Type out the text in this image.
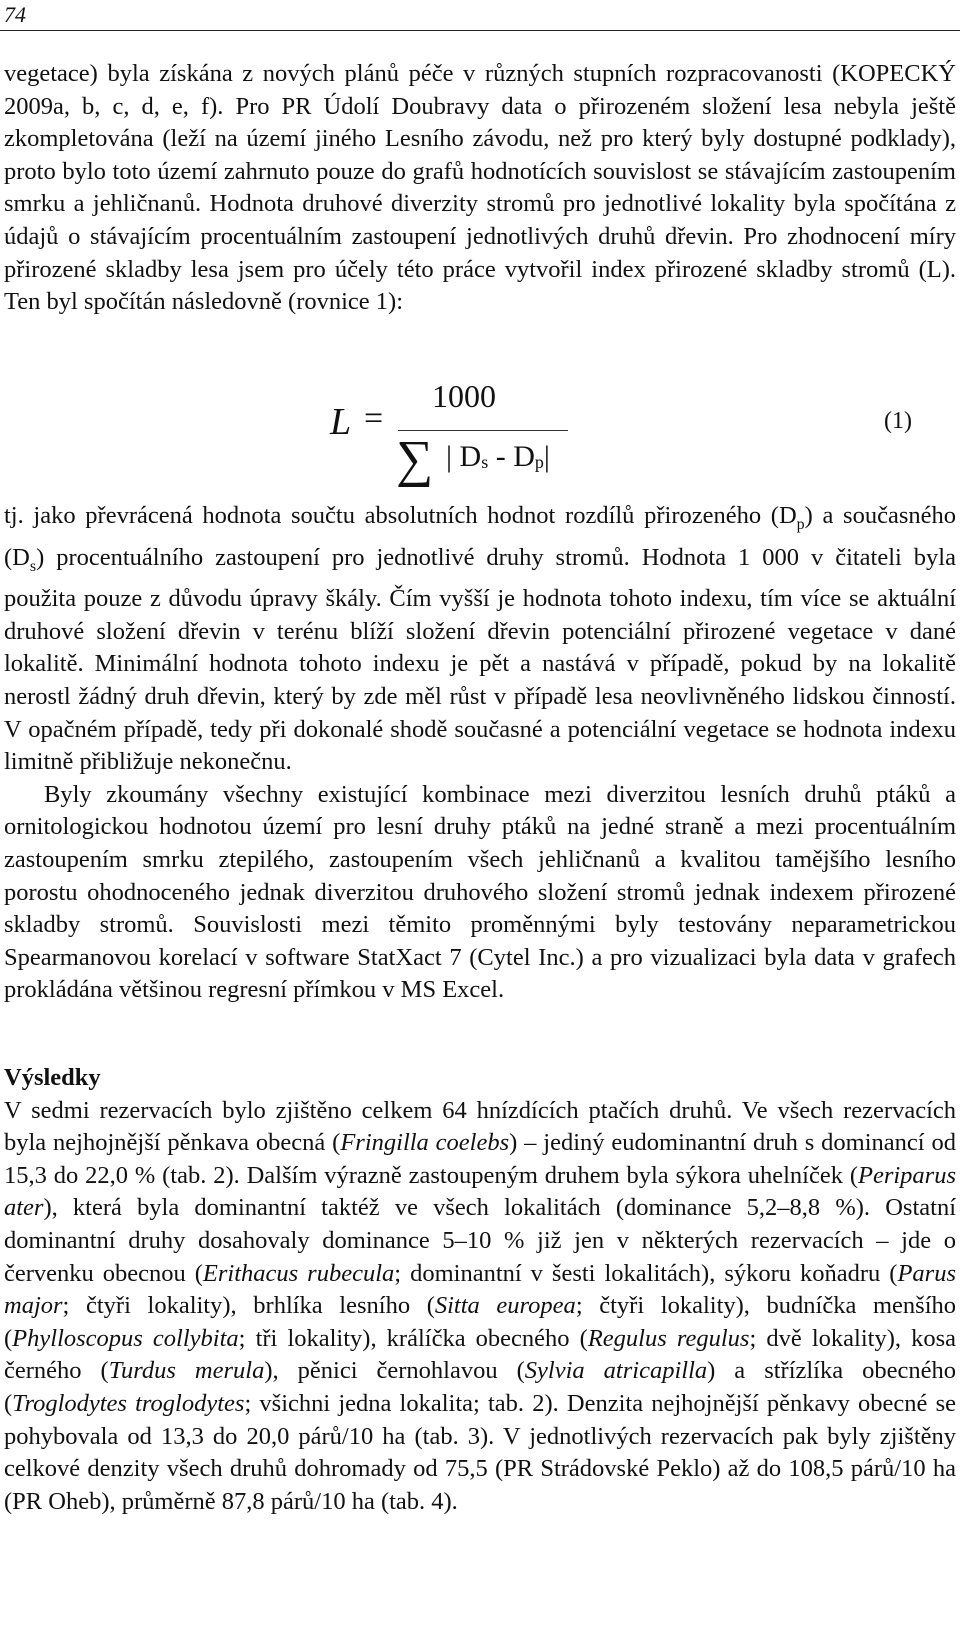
74

vegetace) byla získána z nových plánů péče v různých stupních rozpracovanosti (KOPECKÝ 2009a, b, c, d, e, f). Pro PR Údolí Doubravy data o přirozeném složení lesa nebyla ještě zkompletována (leží na území jiného Lesního závodu, než pro který byly dostupné podklady), proto bylo toto území zahrnuto pouze do grafů hodnotících souvislost se stávajícím zastoupením smrku a jehličnanů. Hodnota druhové diverzity stromů pro jednotlivé lokality byla spočítána z údajů o stávajícím procentuálním zastoupení jednotlivých druhů dřevin. Pro zhodnocení míry přirozené skladby lesa jsem pro účely této práce vytvořil index přirozené skladby stromů (L). Ten byl spočítán následovně (rovnice 1):

L =
1000
∑ | $D_s - D_p|$
(1)

tj. jako převrácená hodnota součtu absolutních hodnot rozdílů přirozeného $(D_p)$ a současného $(D_s)$ procentuálního zastoupení pro jednotlivé druhy stromů. Hodnota 1 000 v čitateli byla použita pouze z důvodu úpravy škály. Čím vyšší je hodnota tohoto indexu, tím více se aktuální druhové složení dřevin v terénu blíží složení dřevin potenciální přirozené vegetace v dané lokalitě. Minimální hodnota tohoto indexu je pět a nastává v případě, pokud by na lokalitě nerostl žádný druh dřevin, který by zde měl růst v případě lesa neovlivněného lidskou činností. V opačném případě, tedy při dokonalé shodě současné a potenciální vegetace se hodnota indexu limitně přibližuje nekonečnu.

Byly zkoumány všechny existující kombinace mezi diverzitou lesních druhů ptáků a ornitologickou hodnotou území pro lesní druhy ptáků na jedné straně a mezi procentuálním zastoupením smrku ztepilého, zastoupením všech jehličnanů a kvalitou tamějšího lesního porostu ohodnoceného jednak diverzitou druhového složení stromů jednak indexem přirozené skladby stromů. Souvislosti mezi těmito proměnnými byly testovány neparametrickou Spearmanovou korelací v software StatXact 7 (Cytel Inc.) a pro vizualizaci byla data v grafech prokládána většinou regresní přímkou v MS Excel.

Výsledky

V sedmi rezervacích bylo zjištěno celkem 64 hnízdících ptačích druhů. Ve všech rezervacích byla nejhojnější pěnkava obecná (Fringilla coelebs) – jediný eudominantní druh s dominancí od 15,3 do 22,0 % (tab. 2). Dalším výrazně zastoupeným druhem byla sýkora uhelníček (Periparus ater), která byla dominantní taktéž ve všech lokalitách (dominance 5,2–8,8 %). Ostatní dominantní druhy dosahovaly dominance 5–10 % již jen v některých rezervacích – jde o červenku obecnou (Erithacus rubecula; dominantní v šesti lokalitách), sýkoru koňadru (Parus major; čtyři lokality), brhlíka lesního (Sitta europea; čtyři lokality), budníčka menšího (Phylloscopus collybita; tři lokality), králíčka obecného (Regulus regulus; dvě lokality), kosa černého (Turdus merula), pěnici černohlavou (Sylvia atricapilla) a střízlíka obecného (Troglodytes troglodytes; všichni jedna lokalita; tab. 2). Denzita nejhojnější pěnkavy obecné se pohybovala od 13,3 do 20,0 párů/10 ha (tab. 3). V jednotlivých rezervacích pak byly zjištěny celkové denzity všech druhů dohromady od 75,5 (PR Strádovské Peklo) až do 108,5 párů/10 ha (PR Oheb), průměrně 87,8 párů/10 ha (tab. 4).
